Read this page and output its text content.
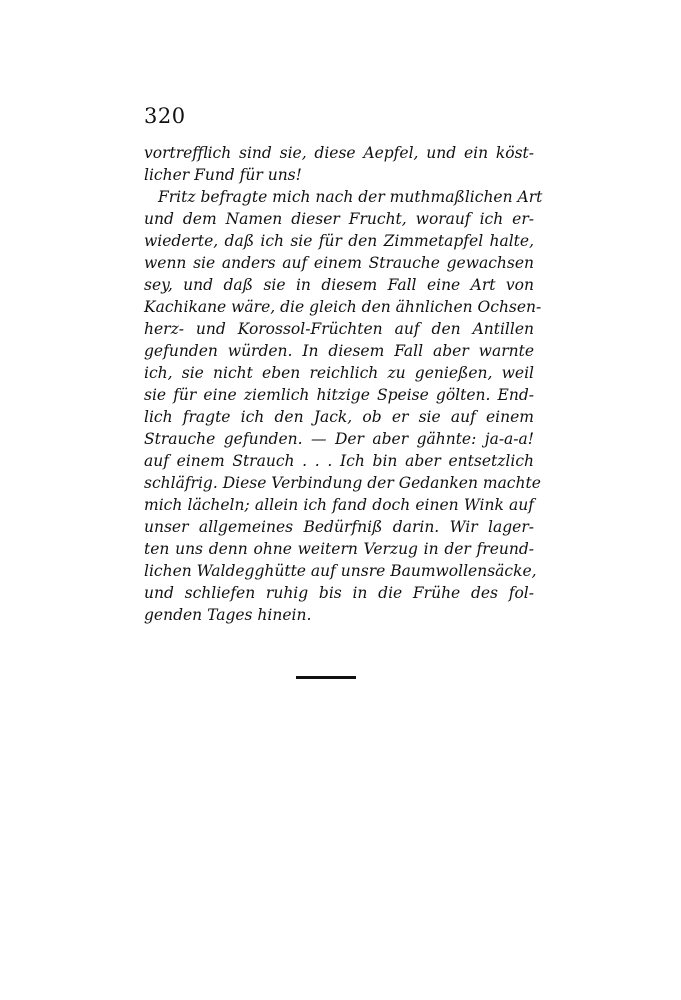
320
vortrefflich sind sie, diese Aepfel, und ein köst-
licher Fund für uns!
Fritz befragte mich nach der muthmaßlichen Art
und dem Namen dieser Frucht, worauf ich er-
wiederte, daß ich sie für den Zimmetapfel halte,
wenn sie anders auf einem Strauche gewachsen
sey, und daß sie in diesem Fall eine Art von
Kachikane wäre, die gleich den ähnlichen Ochsen-
herz- und Korossol-Früchten auf den Antillen
gefunden würden. In diesem Fall aber warnte
ich, sie nicht eben reichlich zu genießen, weil
sie für eine ziemlich hitzige Speise gölten. End-
lich fragte ich den Jack, ob er sie auf einem
Strauche gefunden. — Der aber gähnte: ja-a-a!
auf einem Strauch . . . Ich bin aber entsetzlich
schläfrig. Diese Verbindung der Gedanken machte
mich lächeln; allein ich fand doch einen Wink auf
unser allgemeines Bedürfniß darin. Wir lager-
ten uns denn ohne weitern Verzug in der freund-
lichen Waldegghütte auf unsre Baumwollensäcke,
und schliefen ruhig bis in die Frühe des fol-
genden Tages hinein.
